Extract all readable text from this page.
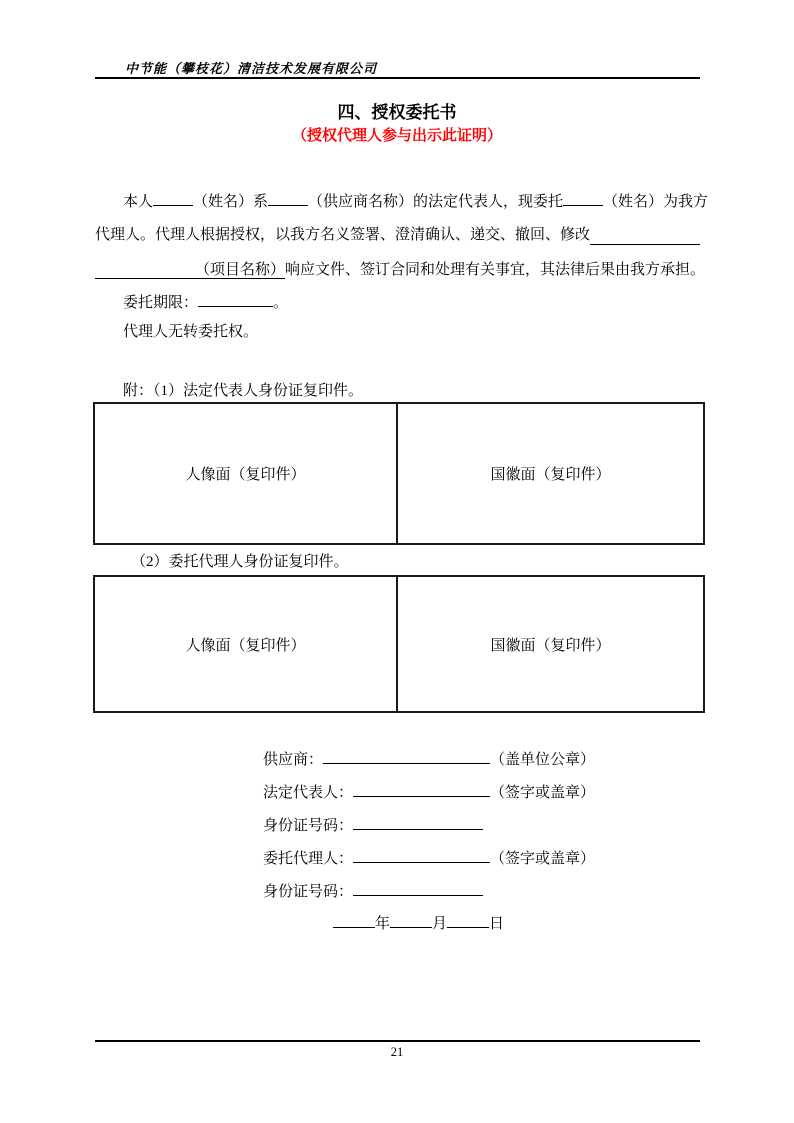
中节能（攀枝花）清洁技术发展有限公司
四、授权委托书
（授权代理人参与出示此证明）
本人	（姓名）系	（供应商名称）的法定代表人，现委托	（姓名）为我方
代理人。代理人根据授权，以我方名义签署、澄清确认、递交、撤回、修改
（项目名称）响应文件、签订合同和处理有关事宜，其法律后果由我方承担。
委托期限：	。
代理人无转委托权。
附：（1）法定代表人身份证复印件。
人像面（复印件）	国徽面（复印件）
（2）委托代理人身份证复印件。
人像面（复印件）	国徽面（复印件）
供应商：	（盖单位公章）
法定代表人：	（签字或盖章）
身份证号码：
委托代理人：	（签字或盖章）
身份证号码：
年	月	日
21
